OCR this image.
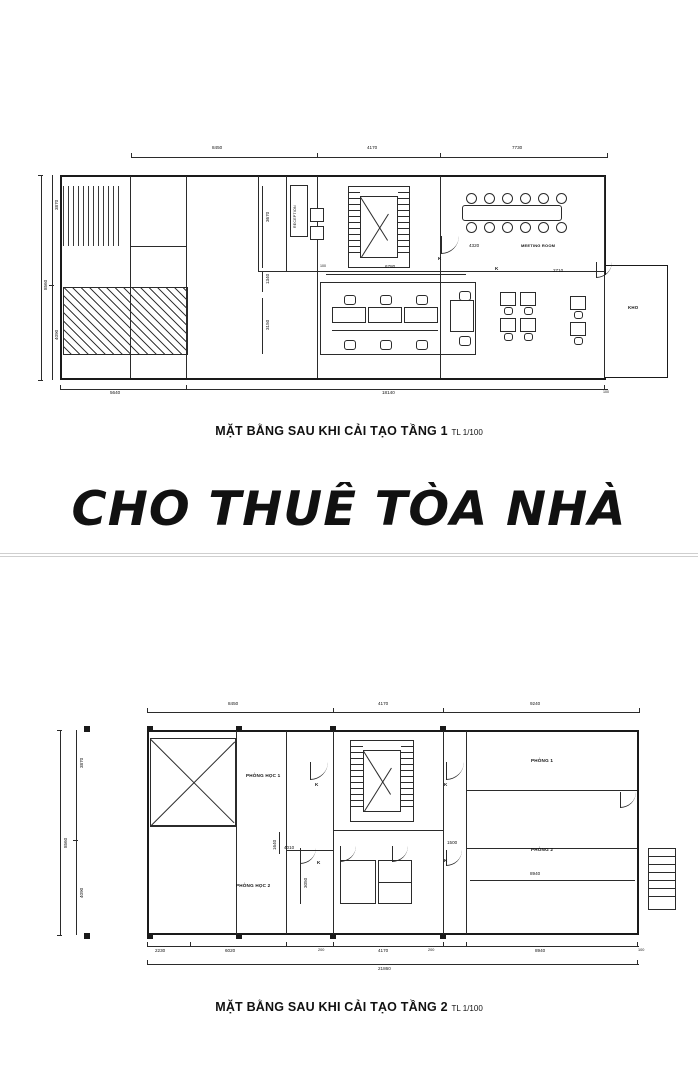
8450	4170	7730
3870
8560
4090
KHO
RECEPTION
MEETING ROOM
4320
2710
K
K
3670
1340
3150
6780
100
5640	18140	100
MẶT BẰNG SAU KHI CẢI TẠO TẦNG 1 TL 1/100
CHO THUÊ TÒA NHÀ
8450	4170	9240
3870
8560
4090
PHÒNG HỌC 1
PHÒNG HỌC 2
PHÒNG 1
PHÒNG 2
K
K
K
K
1640 4010
3050
1500
8940
2230	6020	200	4170	200	8940	100
21860
MẶT BẰNG SAU KHI CẢI TẠO TẦNG 2 TL 1/100
